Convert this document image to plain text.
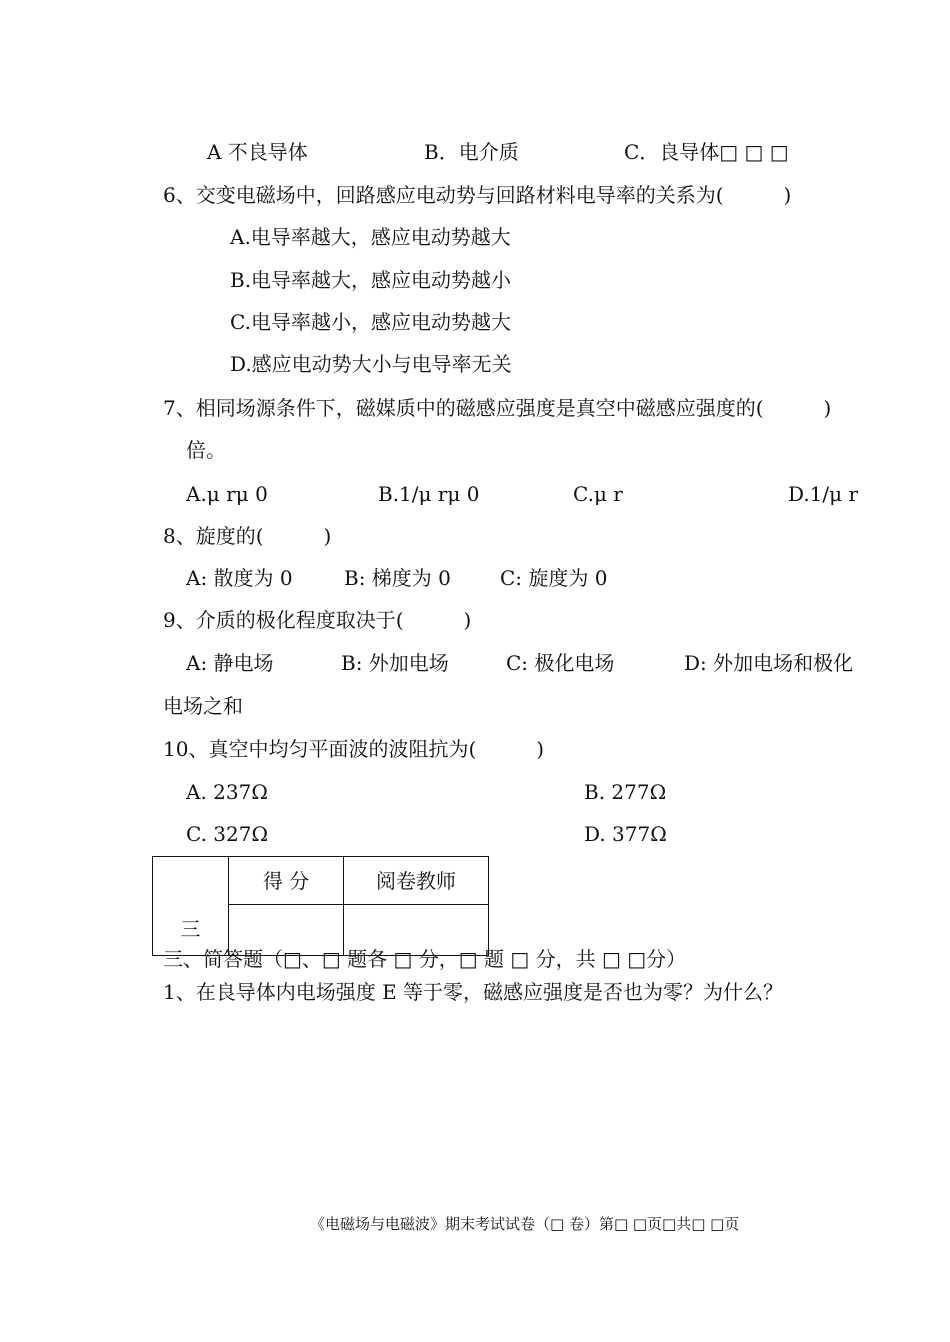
A 不良导体	B．电介质	C．良导体□ □ □
6、交变电磁场中，回路感应电动势与回路材料电导率的关系为(　　　)
A.电导率越大，感应电动势越大
B.电导率越大，感应电动势越小
C.电导率越小，感应电动势越大
D.感应电动势大小与电导率无关
7、相同场源条件下，磁媒质中的磁感应强度是真空中磁感应强度的(　　　)
倍。
A.μ rμ 0	B.1/μ rμ 0	C.μ r	D.1/μ r
8、旋度的(　　　)
A: 散度为 0	B: 梯度为 0 C: 旋度为 0
9、介质的极化程度取决于(　　　)
A: 静电场	B: 外加电场	C: 极化电场	D: 外加电场和极化
电场之和
10、真空中均匀平面波的波阻抗为(　　　)
A. 237Ω	B. 277Ω
C. 327Ω	D. 377Ω
三	得 分	阅卷教师

三、简答题（□、□ 题各 □ 分，□ 题 □ 分，共 □ □分）
1、在良导体内电场强度 E 等于零，磁感应强度是否也为零？为什么？
《电磁场与电磁波》期末考试试卷（□ 卷）第□ □页□共□ □页
